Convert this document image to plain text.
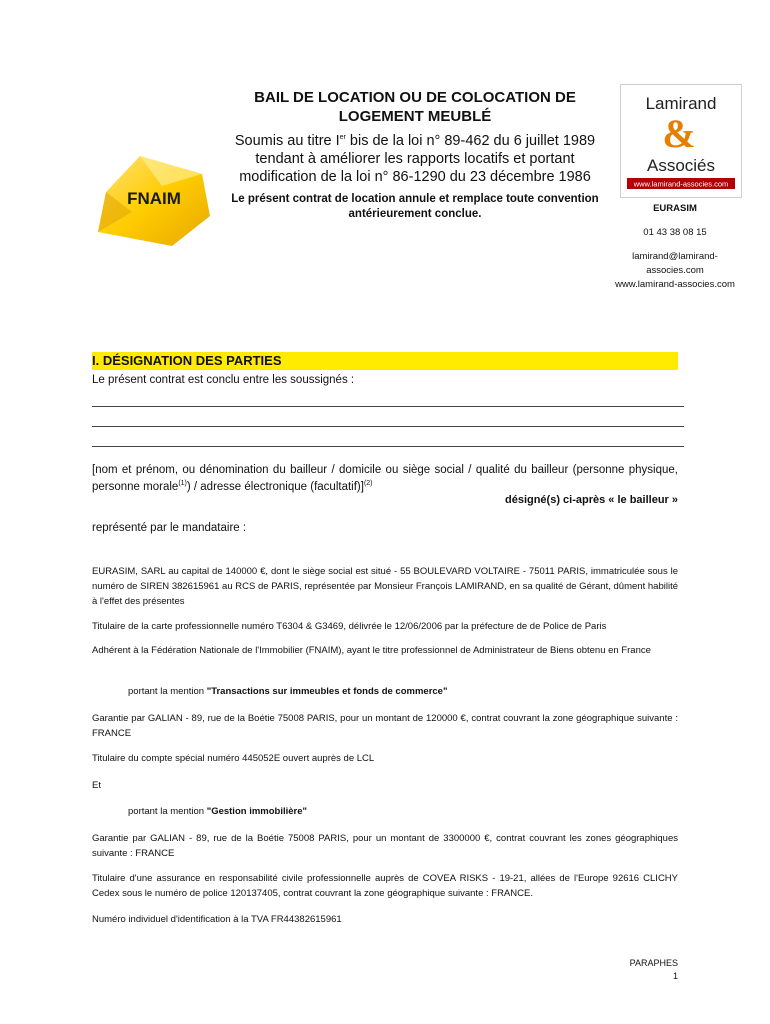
FNAIM

BAIL DE LOCATION OU DE COLOCATION DE LOGEMENT MEUBLÉ

Soumis au titre Ier bis de la loi n° 89-462 du 6 juillet 1989 tendant à améliorer les rapports locatifs et portant modification de la loi n° 86-1290 du 23 décembre 1986

Le présent contrat de location annule et remplace toute convention antérieurement conclue.

Lamirand
&
Associés
www.lamirand-associes.com
EURASIM
01 43 38 08 15
lamirand@lamirand-
associes.com
www.lamirand-associes.com
I. DÉSIGNATION DES PARTIES
Le présent contrat est conclu entre les soussignés :
[nom et prénom, ou dénomination du bailleur / domicile ou siège social / qualité du bailleur (personne physique, personne morale$^{(1)}$) / adresse électronique (facultatif)]$^{(2)}$
désigné(s) ci-après « le bailleur »
représenté par le mandataire :

EURASIM, SARL au capital de 140000 €, dont le siège social est situé - 55 BOULEVARD VOLTAIRE - 75011 PARIS, immatriculée sous le numéro de SIREN 382615961 au RCS de PARIS, représentée par Monsieur François LAMIRAND, en sa qualité de Gérant, dûment habilité à l'effet des présentes

Titulaire de la carte professionnelle numéro T6304 & G3469, délivrée le 12/06/2006 par la préfecture de de Police de Paris

Adhérent à la Fédération Nationale de l'Immobilier (FNAIM), ayant le titre professionnel de Administrateur de Biens obtenu en France

portant la mention "Transactions sur immeubles et fonds de commerce"

Garantie par GALIAN - 89, rue de la Boétie 75008 PARIS, pour un montant de 120000 €, contrat couvrant la zone géographique suivante : FRANCE

Titulaire du compte spécial numéro 445052E ouvert auprès de LCL

Et

portant la mention "Gestion immobilière"

Garantie par GALIAN - 89, rue de la Boétie 75008 PARIS, pour un montant de 3300000 €, contrat couvrant les zones géographiques suivante : FRANCE

Titulaire d'une assurance en responsabilité civile professionnelle auprès de COVEA RISKS - 19-21, allées de l'Europe 92616 CLICHY Cedex sous le numéro de police 120137405, contrat couvrant la zone géographique suivante : FRANCE.

Numéro individuel d'identification à la TVA FR44382615961

PARAPHES
1
